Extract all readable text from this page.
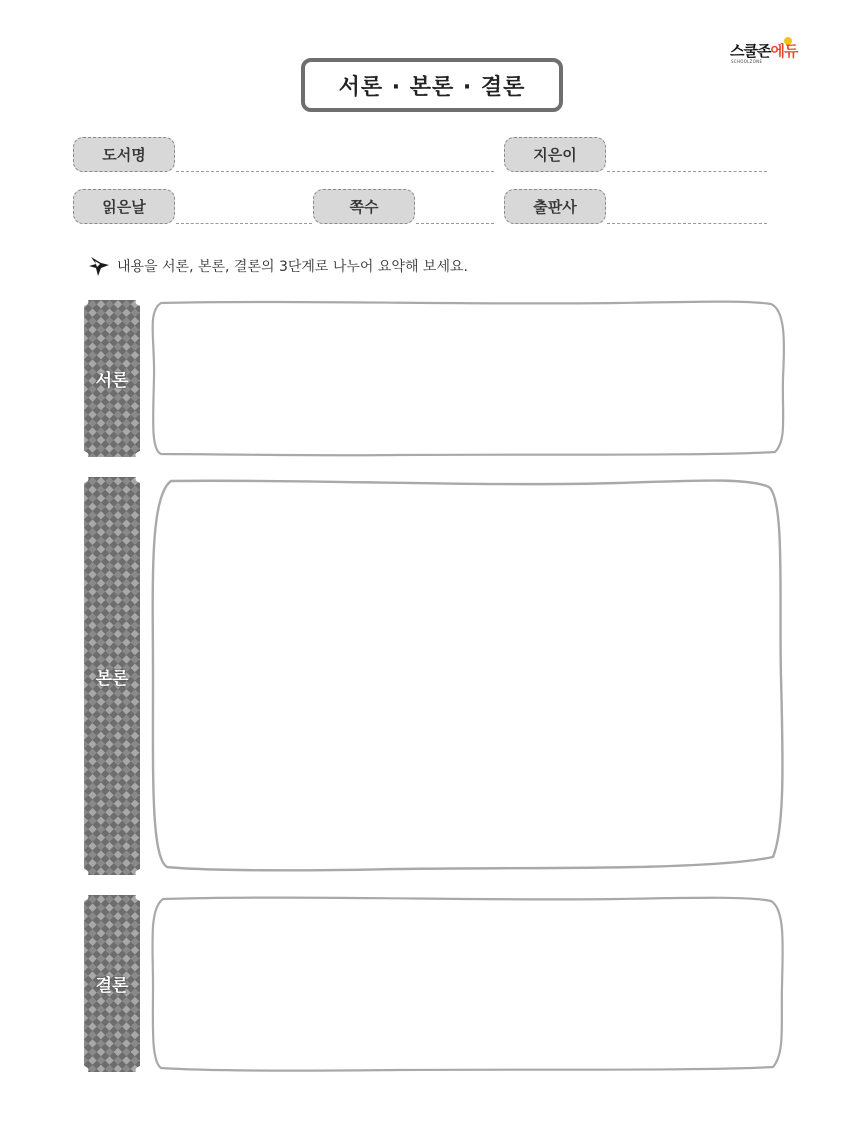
스쿨존에듀
SCHOOLZONE
서론 · 본론 · 결론
도서명	지은이
읽은날	쪽수	출판사
내용을 서론, 본론, 결론의 3단계로 나누어 요약해 보세요.
서론
본론
결론
